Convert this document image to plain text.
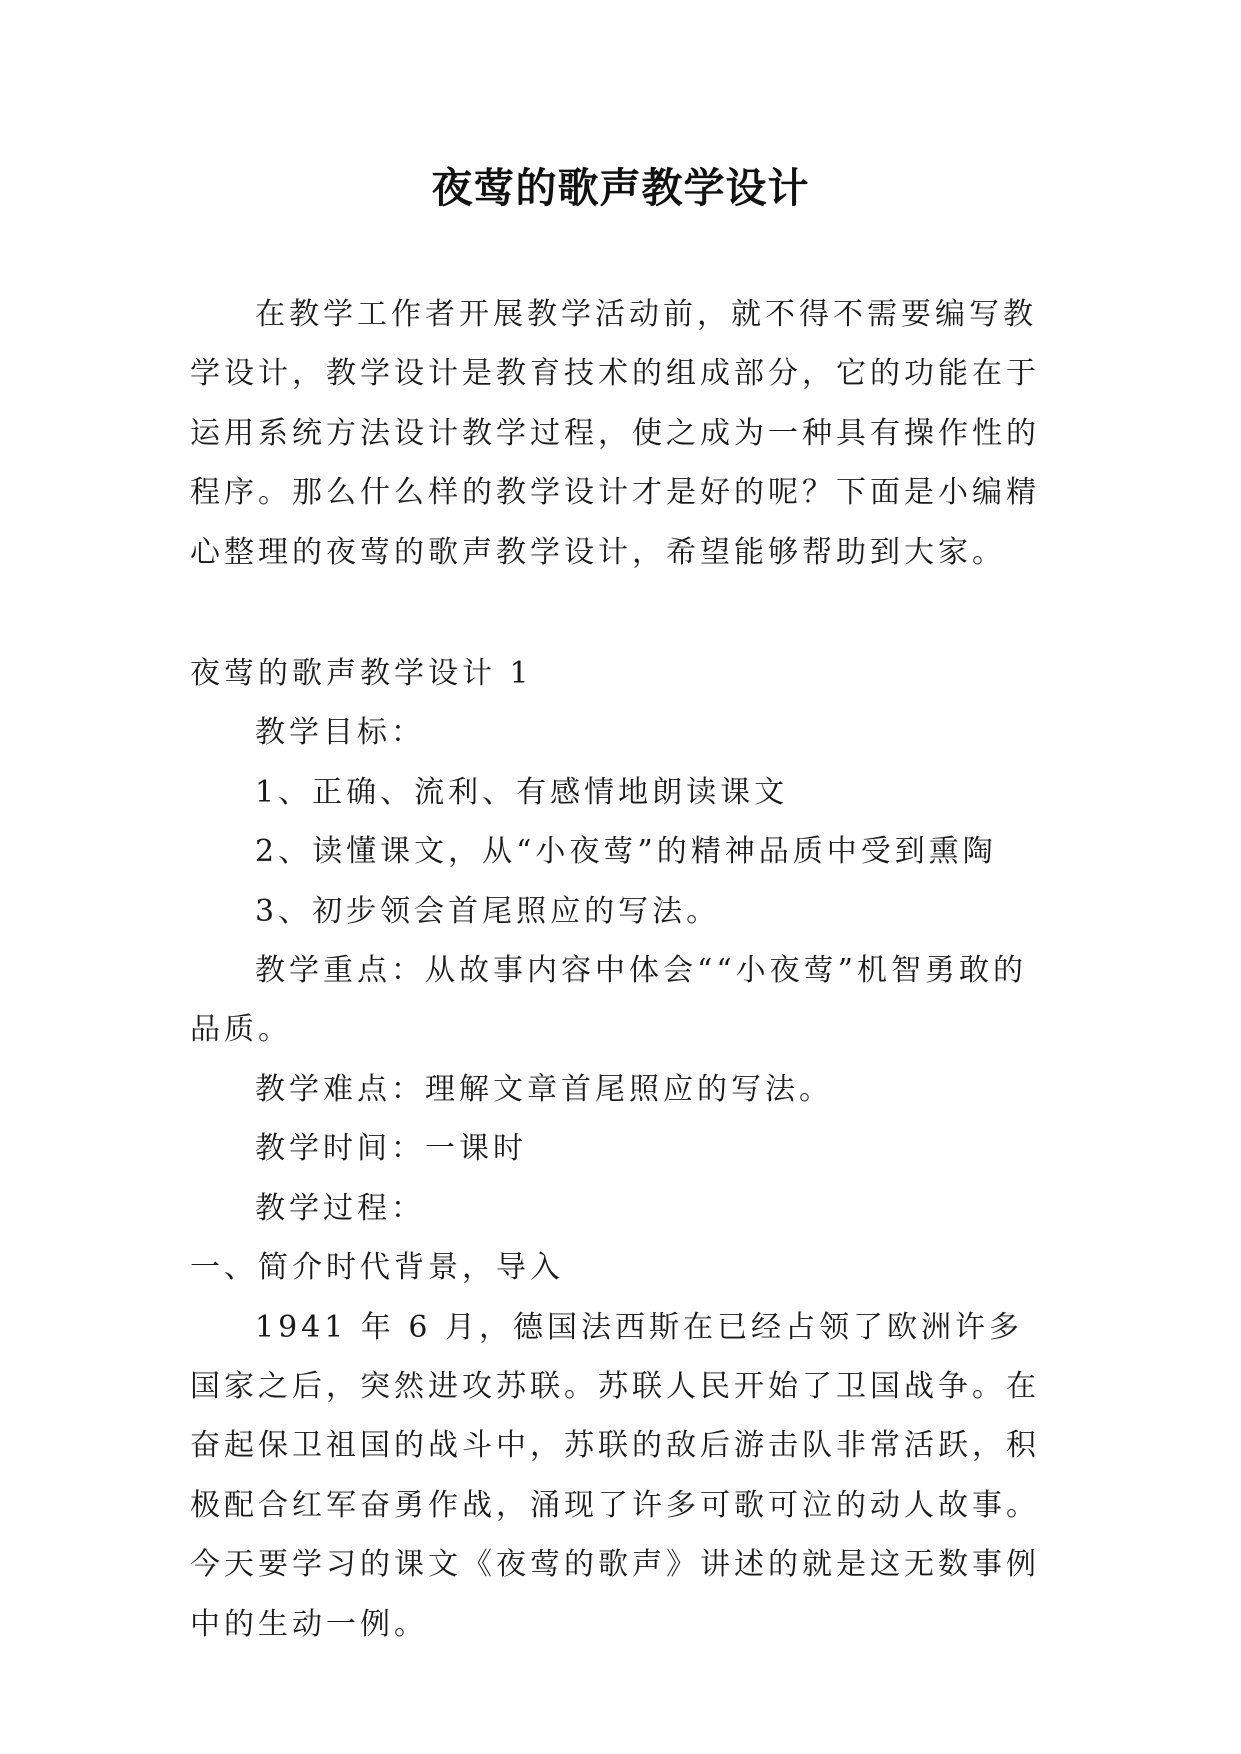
夜莺的歌声教学设计

在教学工作者开展教学活动前，就不得不需要编写教学设计，教学设计是教育技术的组成部分，它的功能在于运用系统方法设计教学过程，使之成为一种具有操作性的程序。那么什么样的教学设计才是好的呢？下面是小编精心整理的夜莺的歌声教学设计，希望能够帮助到大家。

夜莺的歌声教学设计 1

教学目标：

1、正确、流利、有感情地朗读课文

2、读懂课文，从“小夜莺”的精神品质中受到熏陶

3、初步领会首尾照应的写法。

教学重点：从故事内容中体会““小夜莺”机智勇敢的品质。

教学难点：理解文章首尾照应的写法。

教学时间：一课时

教学过程：

一、简介时代背景，导入

1941 年 6 月，德国法西斯在已经占领了欧洲许多国家之后，突然进攻苏联。苏联人民开始了卫国战争。在奋起保卫祖国的战斗中，苏联的敌后游击队非常活跃，积极配合红军奋勇作战，涌现了许多可歌可泣的动人故事。今天要学习的课文《夜莺的歌声》讲述的就是这无数事例中的生动一例。
